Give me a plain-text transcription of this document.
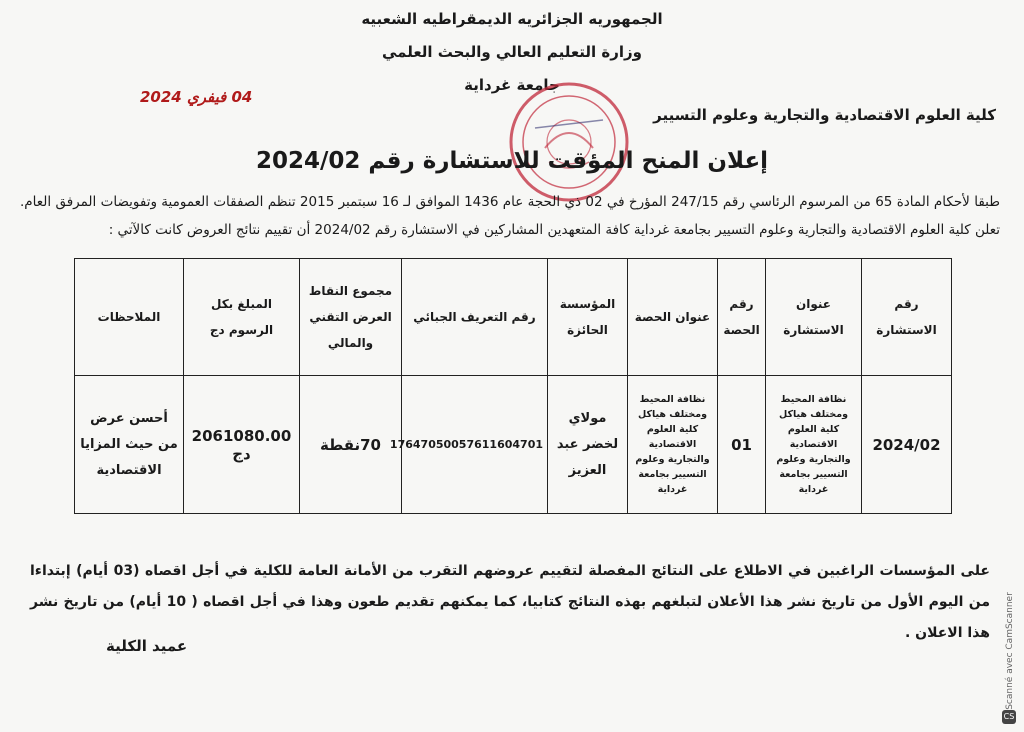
الجمهوريه الجزائريه الديمقراطيه الشعبيه
وزارة التعليم العالي والبحث العلمي
جامعة غرداية
كلية العلوم الاقتصادية والتجارية وعلوم التسيير
04 فيفري 2024
إعلان المنح المؤقت للاستشارة رقم 2024/02
طبقا لأحكام المادة 65 من المرسوم الرئاسي رقم 247/15 المؤرخ في 02 ذي الحجة عام 1436 الموافق لـ 16 سبتمبر 2015 تنظم الصفقات العمومية وتفويضات المرفق العام. تعلن كلية العلوم الاقتصادية والتجارية وعلوم التسيير بجامعة غرداية كافة المتعهدين المشاركين في الاستشارة رقم 2024/02 أن تقييم نتائج العروض كانت كالآتي :
رقم الاستشارة	عنوان الاستشارة	رقم الحصة	عنوان الحصة	المؤسسة الحائزة	رقم التعريف الجبائي	مجموع النقاط العرض التقني والمالي	المبلغ بكل الرسوم دج	الملاحظات
2024/02	نظافة المحيط ومختلف هياكل كلية العلوم الاقتصادية والتجارية وعلوم التسيير بجامعة غرداية	01	نظافة المحيط ومختلف هياكل كلية العلوم الاقتصادية والتجارية وعلوم التسيير بجامعة غرداية	مولاي لخضر عبد العزيز	17647050057611604701	70نقطة	2061080.00 دج	أحسن عرض من حيث المزايا الاقتصادية
على المؤسسات الراغبين في الاطلاع على النتائج المفصلة لتقييم عروضهم التقرب من الأمانة العامة للكلية في أجل اقصاه (03 أيام) إبتداءا من اليوم الأول من تاريخ نشر هذا الأعلان لتبلغهم بهذه النتائج كتابيا، كما يمكنهم تقديم طعون وهذا في أجل اقصاه ( 10 أيام) من تاريخ نشر هذا الاعلان .
عميد الكلية	Scanné avec CamScanner
CS
